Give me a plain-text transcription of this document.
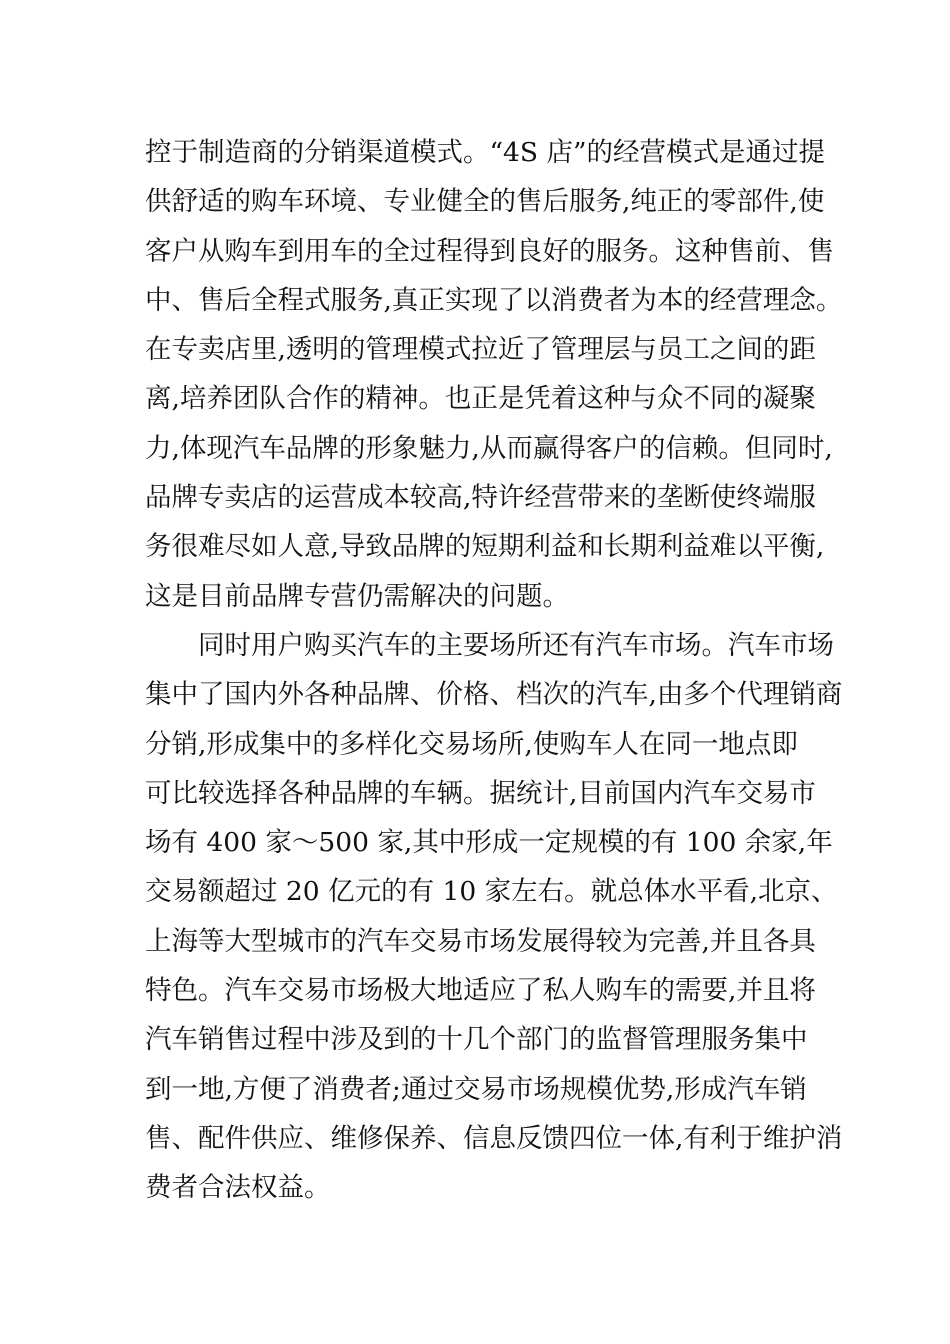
控于制造商的分销渠道模式。“4S 店”的经营模式是通过提
供舒适的购车环境、专业健全的售后服务,纯正的零部件,使
客户从购车到用车的全过程得到良好的服务。这种售前、售
中、售后全程式服务,真正实现了以消费者为本的经营理念。
在专卖店里,透明的管理模式拉近了管理层与员工之间的距
离,培养团队合作的精神。也正是凭着这种与众不同的凝聚
力,体现汽车品牌的形象魅力,从而赢得客户的信赖。但同时,
品牌专卖店的运营成本较高,特许经营带来的垄断使终端服
务很难尽如人意,导致品牌的短期利益和长期利益难以平衡,
这是目前品牌专营仍需解决的问题。
同时用户购买汽车的主要场所还有汽车市场。汽车市场
集中了国内外各种品牌、价格、档次的汽车,由多个代理销商
分销,形成集中的多样化交易场所,使购车人在同一地点即
可比较选择各种品牌的车辆。据统计,目前国内汽车交易市
场有 400 家～500 家,其中形成一定规模的有 100 余家,年
交易额超过 20 亿元的有 10 家左右。就总体水平看,北京、
上海等大型城市的汽车交易市场发展得较为完善,并且各具
特色。汽车交易市场极大地适应了私人购车的需要,并且将
汽车销售过程中涉及到的十几个部门的监督管理服务集中
到一地,方便了消费者;通过交易市场规模优势,形成汽车销
售、配件供应、维修保养、信息反馈四位一体,有利于维护消
费者合法权益。
